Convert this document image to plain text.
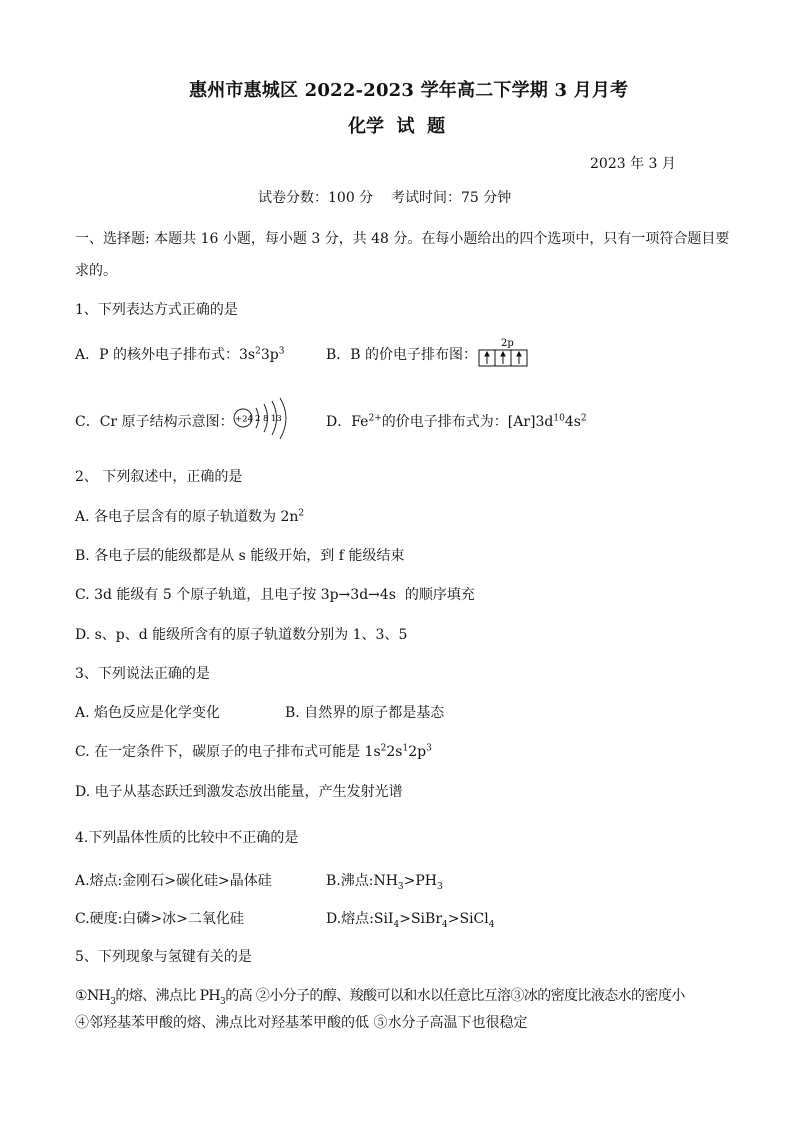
惠州市惠城区 2022-2023 学年高二下学期 3 月月考
化学  试  题
2023 年 3 月
试卷分数：100 分    考试时间：75 分钟
一、选择题: 本题共 16 小题，每小题 3 分，共 48 分。在每小题给出的四个选项中，只有一项符合题目要
求的。
1、下列表达方式正确的是
A．P 的核外电子排布式：$3s^23p^3$	B．B 的价电子排布图：
2p
C．Cr 原子结构示意图： +24 2 8 13	D．$Fe^{2+}$的价电子排布式为：$[Ar]3d^{10}4s^2$
2、 下列叙述中，正确的是
A. 各电子层含有的原子轨道数为 $2n^2$
B. 各电子层的能级都是从 s 能级开始，到 f 能级结束
C. 3d 能级有 5 个原子轨道，且电子按 3p→3d→4s  的顺序填充
D. s、p、d 能级所含有的原子轨道数分别为 1、3、5
3、下列说法正确的是
A. 焰色反应是化学变化	B. 自然界的原子都是基态
C. 在一定条件下，碳原子的电子排布式可能是 $1s^22s^12p^3$
D. 电子从基态跃迁到激发态放出能量，产生发射光谱
4.下列晶体性质的比较中不正确的是
A.熔点:金刚石>碳化硅>晶体硅	B.沸点$:NH_3>PH_3$
C.硬度:白磷>冰>二氧化硅	D.熔点:SiI$_4$>SiBr$_4$>SiCl$_4$
5、下列现象与氢键有关的是
$①NH_3$的熔、沸点比 $PH_3$的高 ②小分子的醇、羧酸可以和水以任意比互溶③冰的密度比液态水的密度小
④邻羟基苯甲酸的熔、沸点比对羟基苯甲酸的低 ⑤水分子高温下也很稳定
